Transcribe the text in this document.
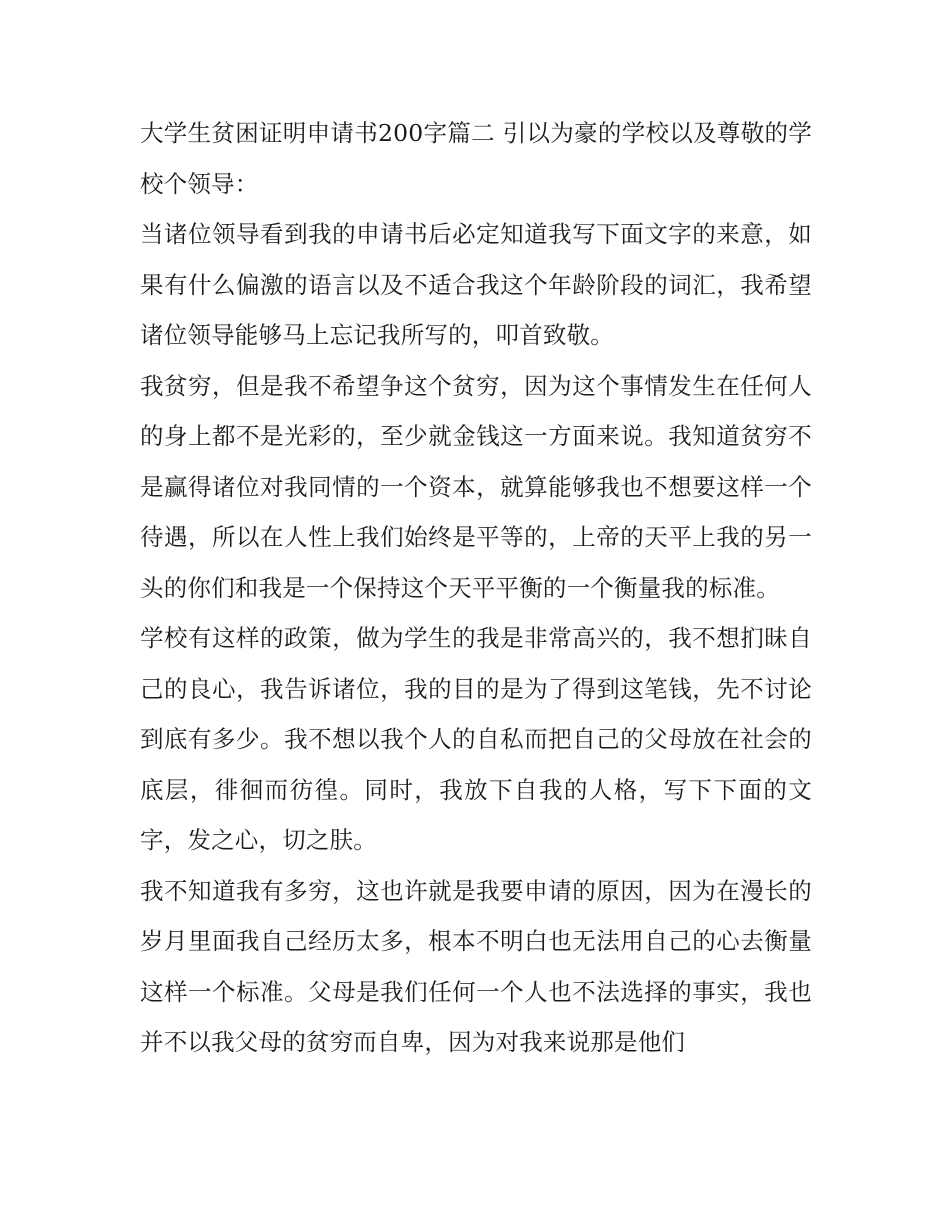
大学生贫困证明申请书200字篇二 引以为豪的学校以及尊敬的学校个领导：

当诸位领导看到我的申请书后必定知道我写下面文字的来意，如果有什么偏激的语言以及不适合我这个年龄阶段的词汇，我希望诸位领导能够马上忘记我所写的，叩首致敬。

我贫穷，但是我不希望争这个贫穷，因为这个事情发生在任何人的身上都不是光彩的，至少就金钱这一方面来说。我知道贫穷不是赢得诸位对我同情的一个资本，就算能够我也不想要这样一个待遇，所以在人性上我们始终是平等的，上帝的天平上我的另一头的你们和我是一个保持这个天平平衡的一个衡量我的标准。

学校有这样的政策，做为学生的我是非常高兴的，我不想扪昧自己的良心，我告诉诸位，我的目的是为了得到这笔钱，先不讨论到底有多少。我不想以我个人的自私而把自己的父母放在社会的底层，徘徊而彷徨。同时，我放下自我的人格，写下下面的文字，发之心，切之肤。

我不知道我有多穷，这也许就是我要申请的原因，因为在漫长的岁月里面我自己经历太多，根本不明白也无法用自己的心去衡量这样一个标准。父母是我们任何一个人也不法选择的事实，我也并不以我父母的贫穷而自卑，因为对我来说那是他们
